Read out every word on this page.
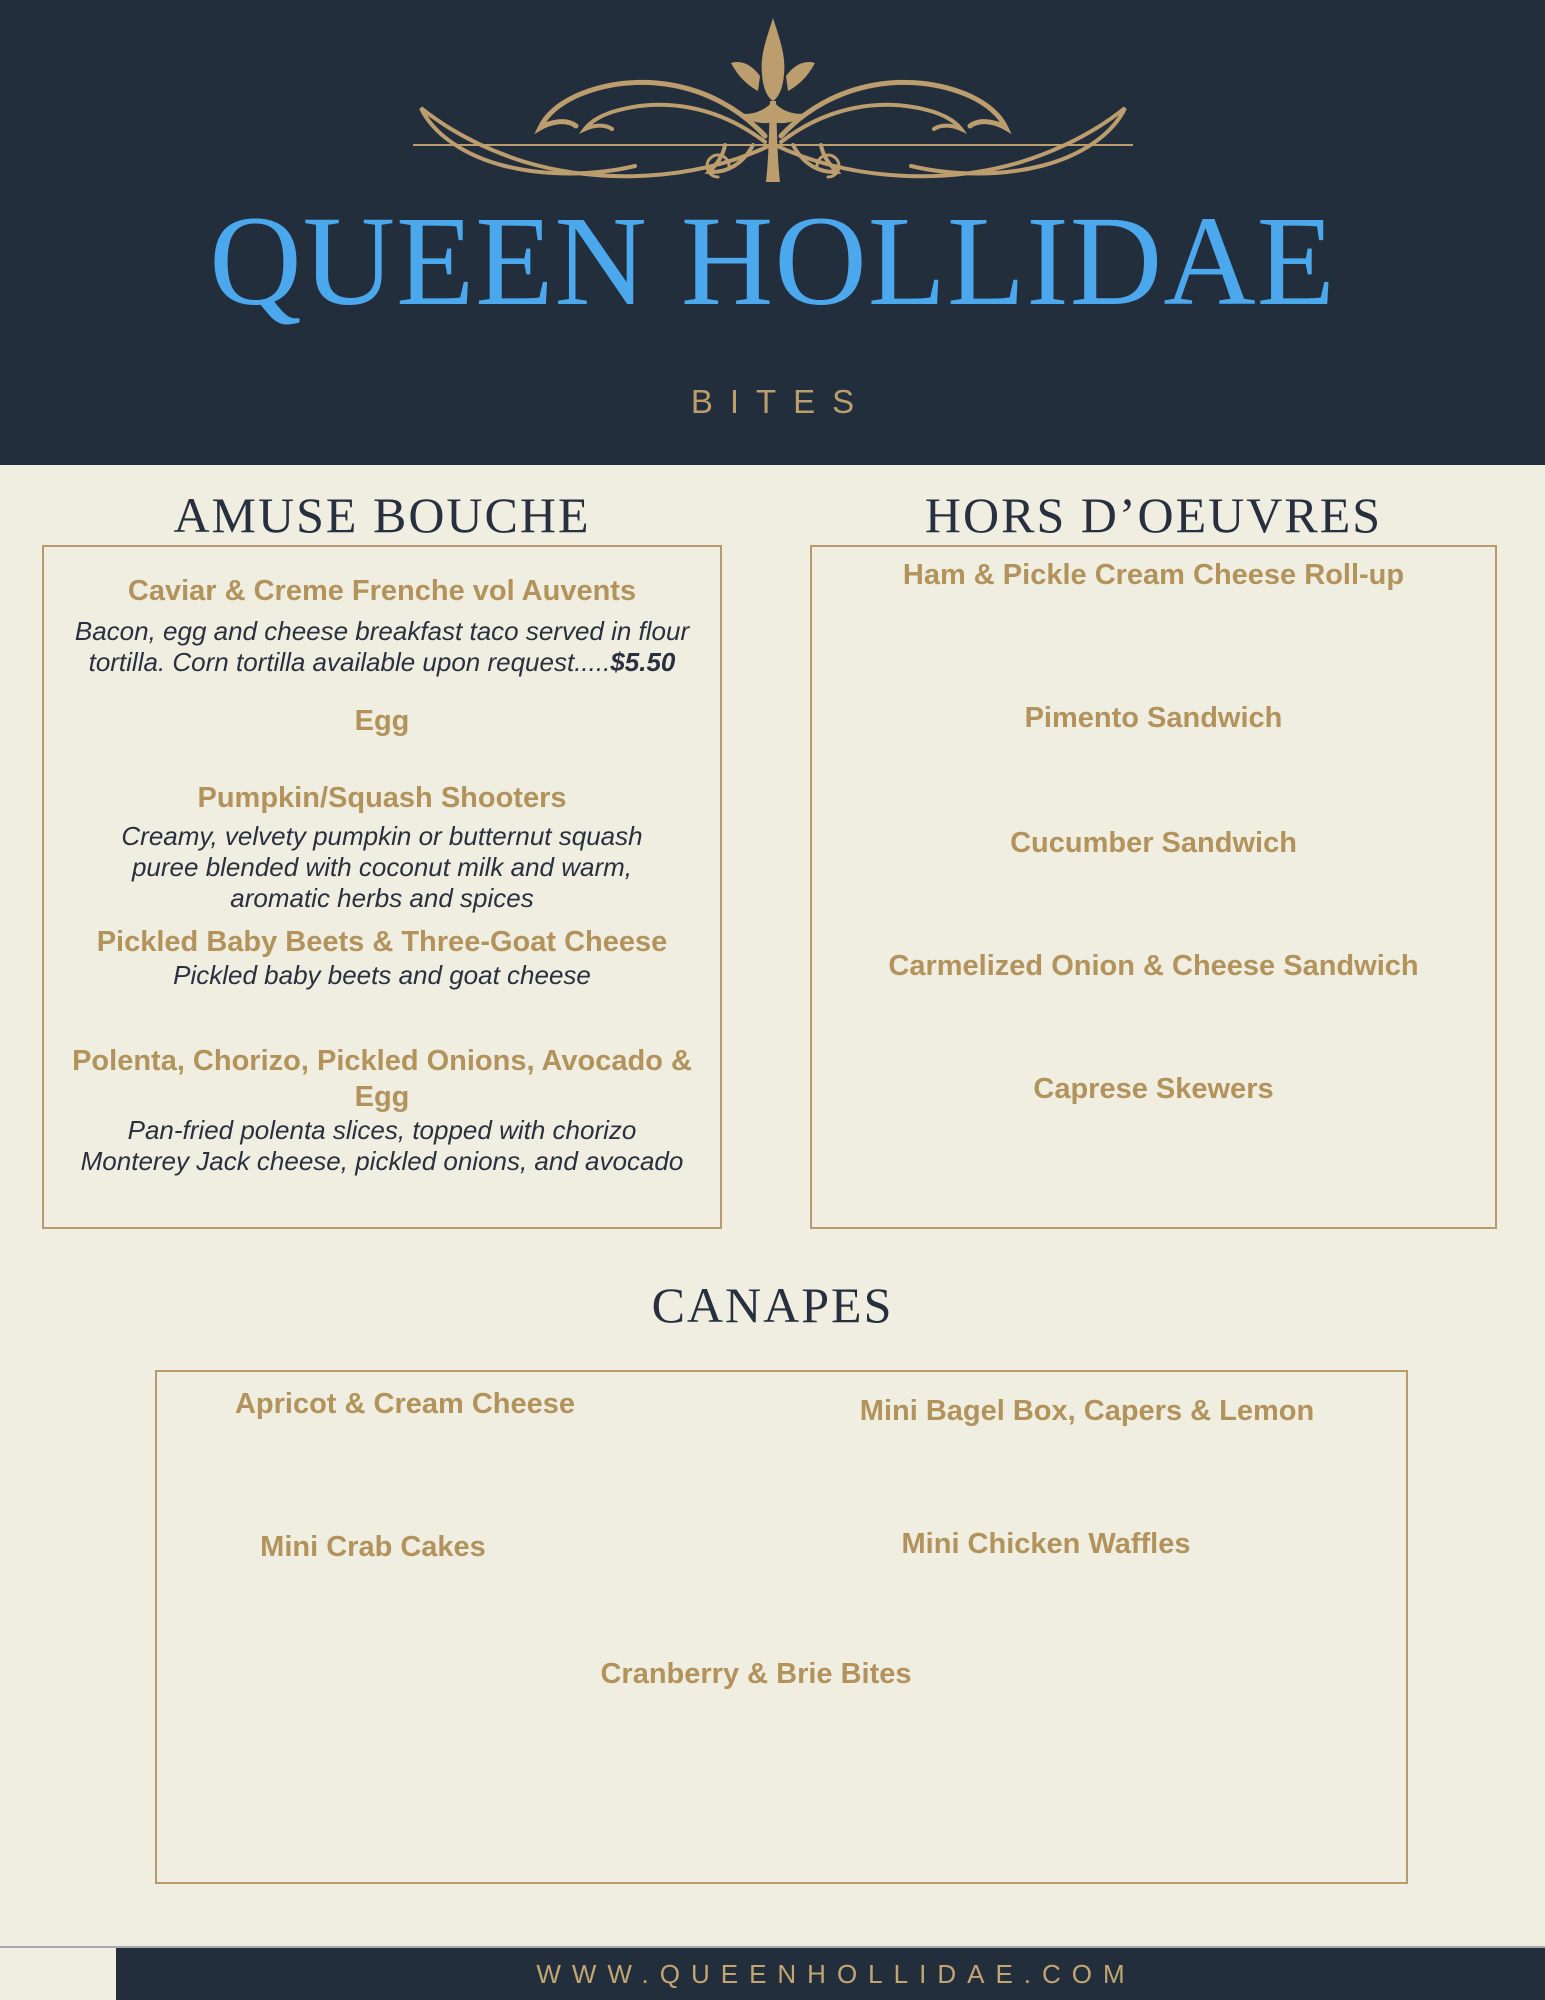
QUEEN HOLLIDAE
BITES
AMUSE BOUCHE	HORS D’OEUVRES

Caviar & Creme Frenche vol Auvents

Bacon, egg and cheese breakfast taco served in flour
tortilla. Corn tortilla available upon request.....$5.50

Egg

Pumpkin/Squash Shooters

Creamy, velvety pumpkin or butternut squash
puree blended with coconut milk and warm,
aromatic herbs and spices

Pickled Baby Beets & Three-Goat Cheese

Pickled baby beets and goat cheese

Polenta, Chorizo, Pickled Onions, Avocado & Egg

Pan-fried polenta slices, topped with chorizo
Monterey Jack cheese, pickled onions, and avocado

Ham & Pickle Cream Cheese Roll-up

Pimento Sandwich

Cucumber Sandwich

Carmelized Onion & Cheese Sandwich

Caprese Skewers

CANAPES
Apricot & Cream Cheese	Mini Bagel Box, Capers & Lemon
Mini Crab Cakes	Mini Chicken Waffles
Cranberry & Brie Bites
WWW.QUEENHOLLIDAE.COM
